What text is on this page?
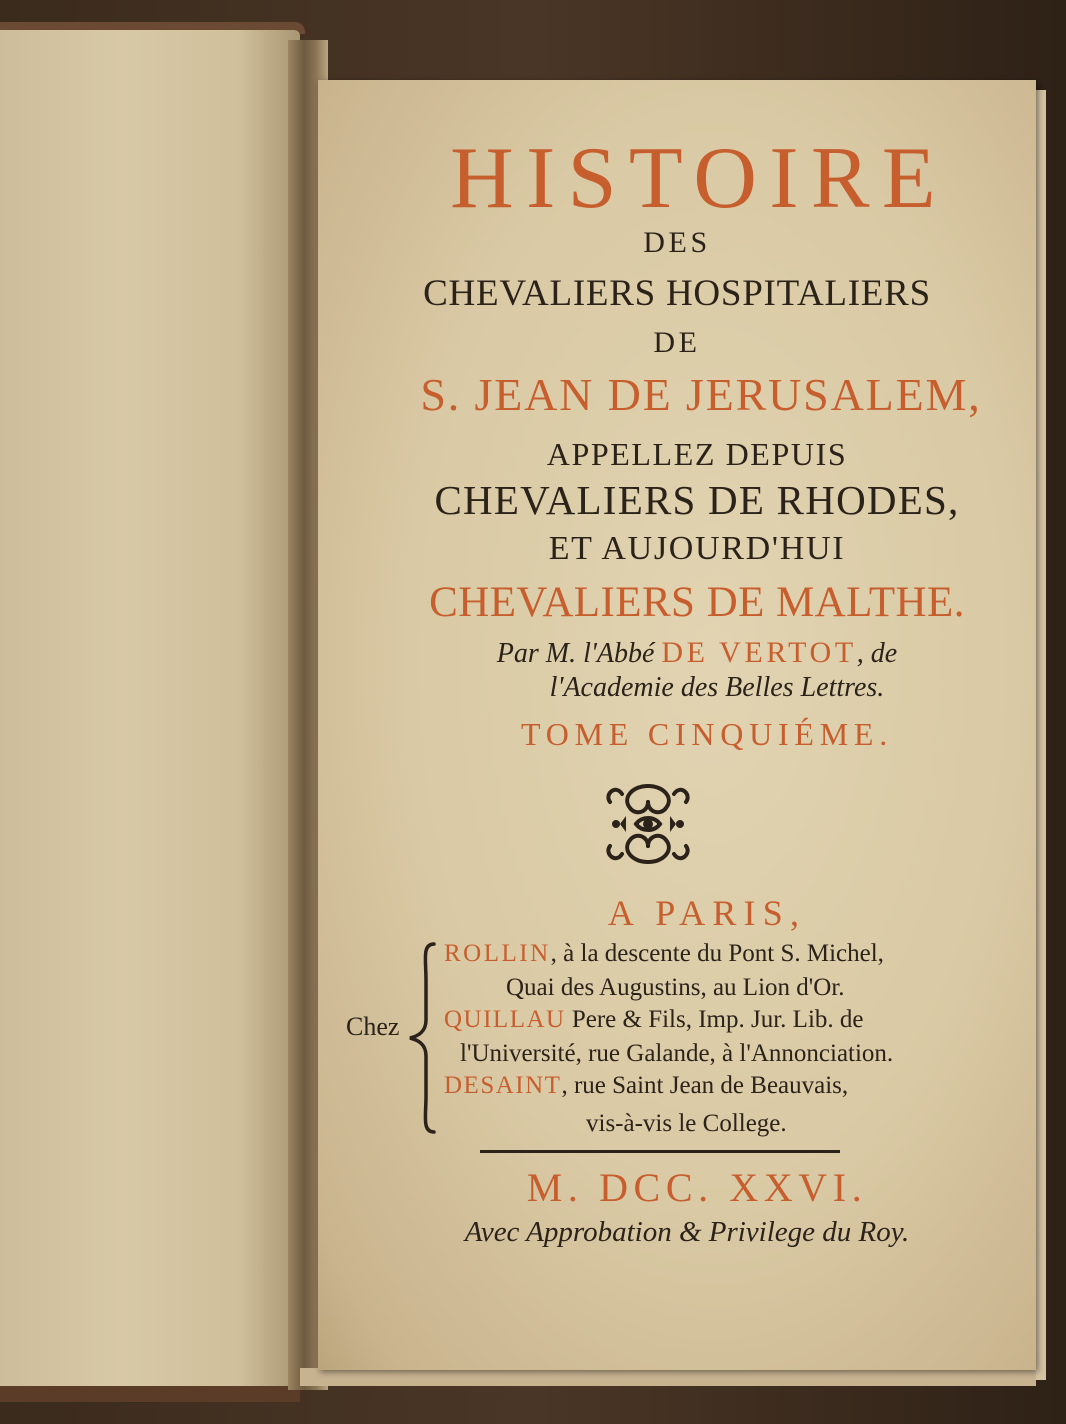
HISTOIRE
DES
CHEVALIERS HOSPITALIERS
DE
S. JEAN DE JERUSALEM,
APPELLEZ DEPUIS
CHEVALIERS DE RHODES,
ET AUJOURD'HUI
CHEVALIERS DE MALTHE.
Par M. l'Abbé DE VERTOT, de
l'Academie des Belles Lettres.
TOME CINQUIÉME.
A PARIS,
Chez
ROLLIN, à la descente du Pont S. Michel,
Quai des Augustins, au Lion d'Or.
QUILLAU Pere & Fils, Imp. Jur. Lib. de
l'Université, rue Galande, à l'Annonciation.
DESAINT, rue Saint Jean de Beauvais,
vis-à-vis le College.
M. DCC. XXVI.
Avec Approbation & Privilege du Roy.
